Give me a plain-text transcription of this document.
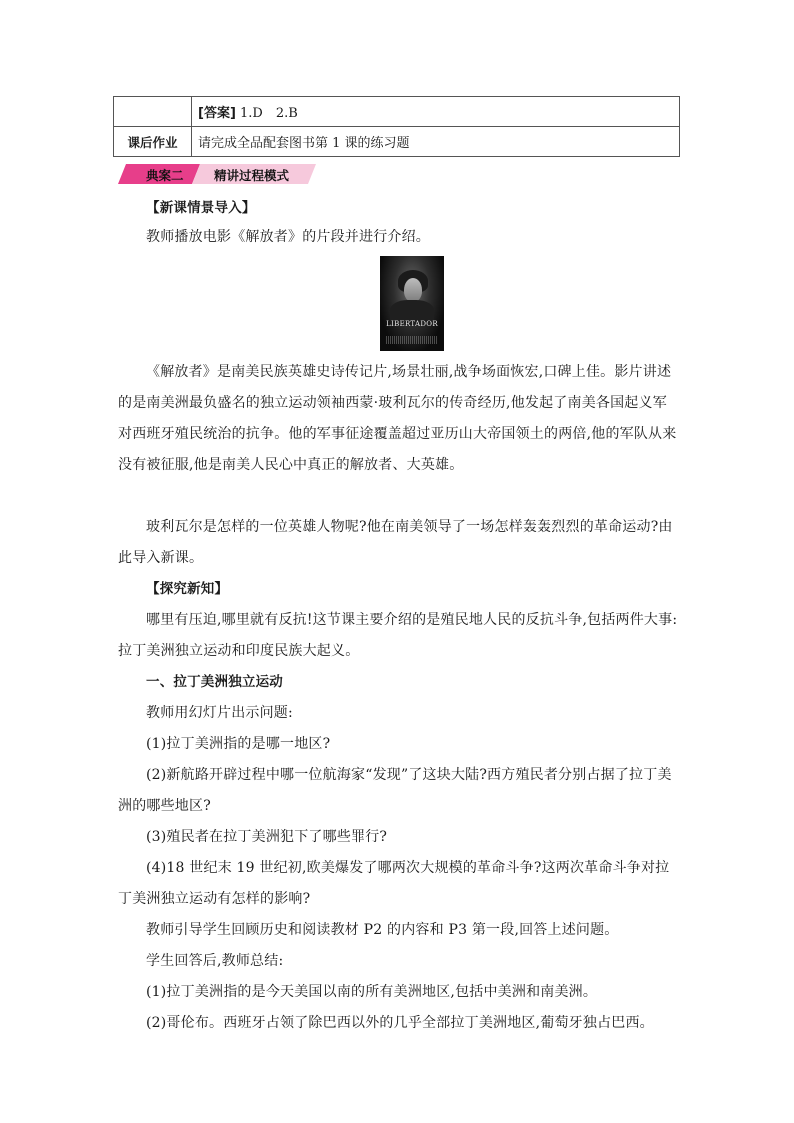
	[答案] 1.D　2.B
课后作业	请完成全品配套图书第 1 课的练习题
典案二 精讲过程模式
【新课情景导入】
教师播放电影《解放者》的片段并进行介绍。
LIBERTADOR
《解放者》是南美民族英雄史诗传记片,场景壮丽,战争场面恢宏,口碑上佳。影片讲述的是南美洲最负盛名的独立运动领袖西蒙·玻利瓦尔的传奇经历,他发起了南美各国起义军对西班牙殖民统治的抗争。他的军事征途覆盖超过亚历山大帝国领土的两倍,他的军队从来没有被征服,他是南美人民心中真正的解放者、大英雄。
玻利瓦尔是怎样的一位英雄人物呢?他在南美领导了一场怎样轰轰烈烈的革命运动?由此导入新课。
【探究新知】
哪里有压迫,哪里就有反抗!这节课主要介绍的是殖民地人民的反抗斗争,包括两件大事:拉丁美洲独立运动和印度民族大起义。
一、拉丁美洲独立运动
教师用幻灯片出示问题:
(1)拉丁美洲指的是哪一地区?
(2)新航路开辟过程中哪一位航海家“发现”了这块大陆?西方殖民者分别占据了拉丁美洲的哪些地区?
(3)殖民者在拉丁美洲犯下了哪些罪行?
(4)18 世纪末 19 世纪初,欧美爆发了哪两次大规模的革命斗争?这两次革命斗争对拉丁美洲独立运动有怎样的影响?
教师引导学生回顾历史和阅读教材 P2 的内容和 P3 第一段,回答上述问题。
学生回答后,教师总结:
(1)拉丁美洲指的是今天美国以南的所有美洲地区,包括中美洲和南美洲。
(2)哥伦布。西班牙占领了除巴西以外的几乎全部拉丁美洲地区,葡萄牙独占巴西。
